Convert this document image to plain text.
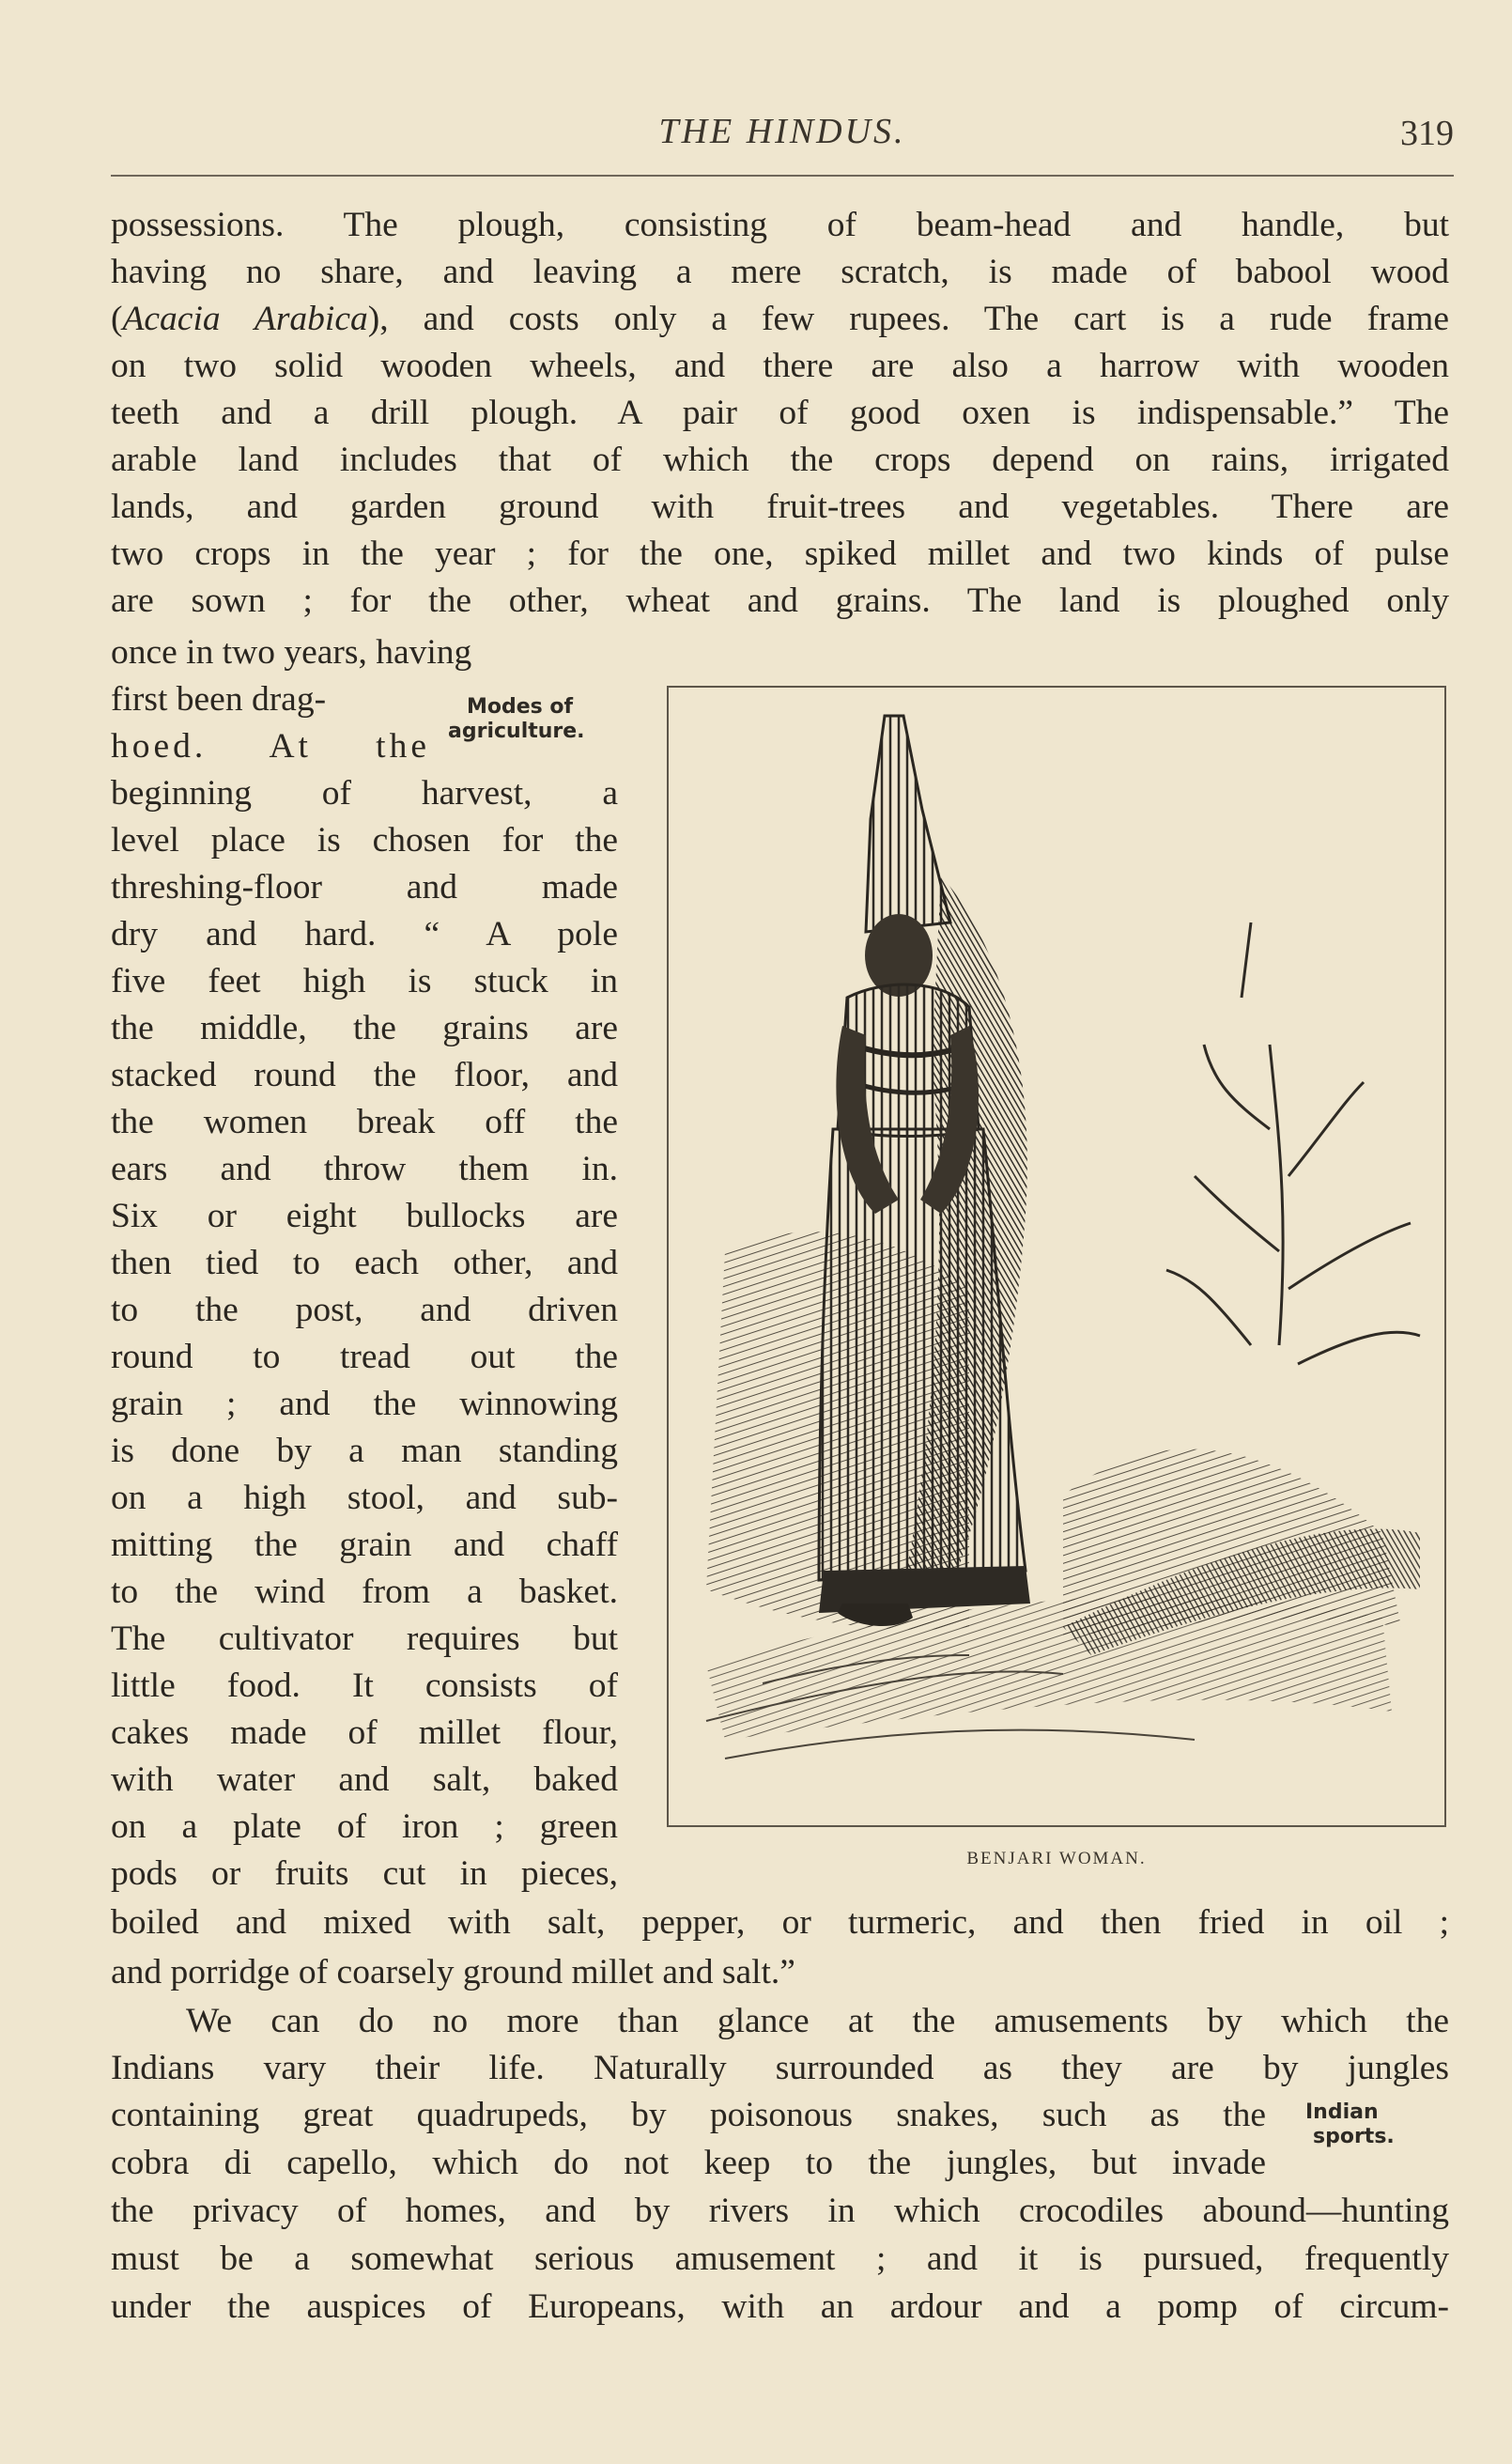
THE HINDUS.	319
possessions. The plough, consisting of beam-head and handle, but
having no share, and leaving a mere scratch, is made of babool wood
(Acacia Arabica), and costs only a few rupees. The cart is a rude frame
on two solid wooden wheels, and there are also a harrow with wooden
teeth and a drill plough. A pair of good oxen is indispensable.” The
arable land includes that of which the crops depend on rains, irrigated
lands, and garden ground with fruit-trees and vegetables. There are
two crops in the year ; for the one, spiked millet and two kinds of pulse
are sown ; for the other, wheat and grains. The land is ploughed only
once in two years, having
first been drag-
hoed. At the
beginning of harvest, a
level place is chosen for the
threshing-floor and made
dry and hard. “ A pole
five feet high is stuck in
the middle, the grains are
stacked round the floor, and
the women break off the
ears and throw them in.
Six or eight bullocks are
then tied to each other, and
to the post, and driven
round to tread out the
grain ; and the winnowing
is done by a man standing
on a high stool, and sub-
mitting the grain and chaff
to the wind from a basket.
The cultivator requires but
little food. It consists of
cakes made of millet flour,
with water and salt, baked
on a plate of iron ; green
pods or fruits cut in pieces,
boiled and mixed with salt, pepper, or turmeric, and then fried in oil ;
and porridge of coarsely ground millet and salt.”
We can do no more than glance at the amusements by which the
Indians vary their life. Naturally surrounded as they are by jungles
containing great quadrupeds, by poisonous snakes, such as the
cobra di capello, which do not keep to the jungles, but invade
the privacy of homes, and by rivers in which crocodiles abound—hunting
must be a somewhat serious amusement ; and it is pursued, frequently
under the auspices of Europeans, with an ardour and a pomp of circum-
Modes of
agriculture.
Indian
sports.
BENJARI WOMAN.
